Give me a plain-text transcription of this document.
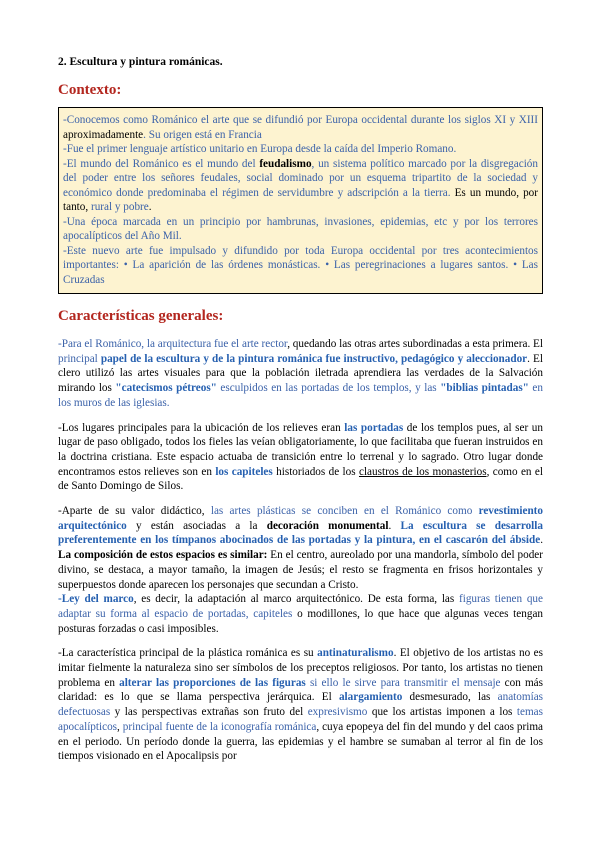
2. Escultura y pintura románicas.

Contexto:
-Conocemos como Románico el arte que se difundió por Europa occidental durante los siglos XI y XIII aproximadamente. Su origen está en Francia
-Fue el primer lenguaje artístico unitario en Europa desde la caída del Imperio Romano.
-El mundo del Románico es el mundo del feudalismo, un sistema político marcado por la disgregación del poder entre los señores feudales, social dominado por un esquema tripartito de la sociedad y económico donde predominaba el régimen de servidumbre y adscripción a la tierra. Es un mundo, por tanto, rural y pobre.
-Una época marcada en un principio por hambrunas, invasiones, epidemias, etc y por los terrores apocalípticos del Año Mil.
-Este nuevo arte fue impulsado y difundido por toda Europa occidental por tres acontecimientos importantes: • La aparición de las órdenes monásticas. • Las peregrinaciones a lugares santos. • Las Cruzadas
Características generales:

-Para el Románico, la arquitectura fue el arte rector, quedando las otras artes subordinadas a esta primera. El principal papel de la escultura y de la pintura románica fue instructivo, pedagógico y aleccionador. El clero utilizó las artes visuales para que la población iletrada aprendiera las verdades de la Salvación mirando los "catecismos pétreos" esculpidos en las portadas de los templos, y las "biblias pintadas" en los muros de las iglesias.

-Los lugares principales para la ubicación de los relieves eran las portadas de los templos pues, al ser un lugar de paso obligado, todos los fieles las veían obligatoriamente, lo que facilitaba que fueran instruidos en la doctrina cristiana. Este espacio actuaba de transición entre lo terrenal y lo sagrado. Otro lugar donde encontramos estos relieves son en los capiteles historiados de los claustros de los monasterios, como en el de Santo Domingo de Silos.

-Aparte de su valor didáctico, las artes plásticas se conciben en el Románico como revestimiento arquitectónico y están asociadas a la decoración monumental. La escultura se desarrolla preferentemente en los tímpanos abocinados de las portadas y la pintura, en el cascarón del ábside. La composición de estos espacios es similar: En el centro, aureolado por una mandorla, símbolo del poder divino, se destaca, a mayor tamaño, la imagen de Jesús; el resto se fragmenta en frisos horizontales y superpuestos donde aparecen los personajes que secundan a Cristo.
-Ley del marco, es decir, la adaptación al marco arquitectónico. De esta forma, las figuras tienen que adaptar su forma al espacio de portadas, capiteles o modillones, lo que hace que algunas veces tengan posturas forzadas o casi imposibles.

-La característica principal de la plástica románica es su antinaturalismo. El objetivo de los artistas no es imitar fielmente la naturaleza sino ser símbolos de los preceptos religiosos. Por tanto, los artistas no tienen problema en alterar las proporciones de las figuras si ello le sirve para transmitir el mensaje con más claridad: es lo que se llama perspectiva jerárquica. El alargamiento desmesurado, las anatomías defectuosas y las perspectivas extrañas son fruto del expresivismo que los artistas imponen a los temas apocalípticos, principal fuente de la iconografía románica, cuya epopeya del fin del mundo y del caos prima en el periodo. Un período donde la guerra, las epidemias y el hambre se sumaban al terror al fin de los tiempos visionado en el Apocalipsis por
